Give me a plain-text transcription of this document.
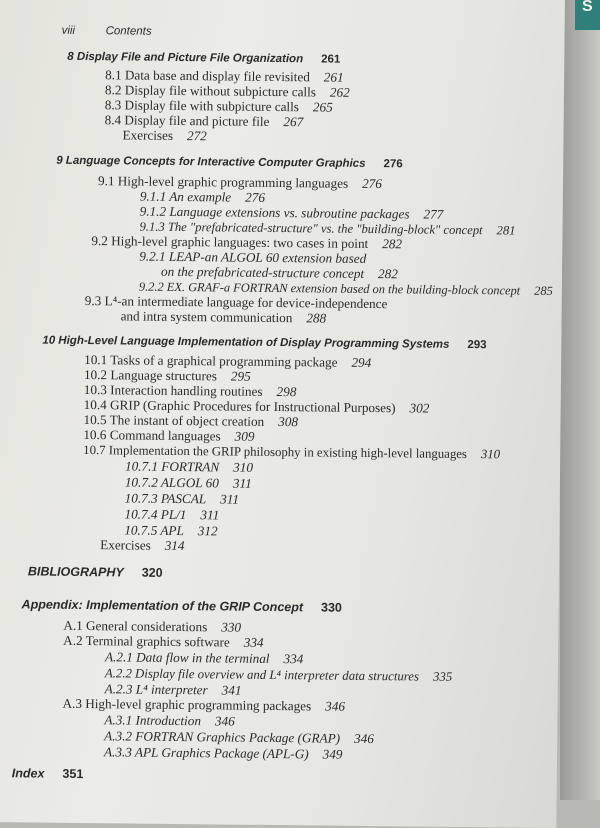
S
viii	Contents
8 Display File and Picture File Organization 261
8.1 Data base and display file revisited 261
8.2 Display file without subpicture calls 262
8.3 Display file with subpicture calls 265
8.4 Display file and picture file 267
Exercises 272
9 Language Concepts for Interactive Computer Graphics 276
9.1 High-level graphic programming languages 276
9.1.1 An example 276
9.1.2 Language extensions vs. subroutine packages 277
9.1.3 The "prefabricated-structure" vs. the "building-block" concept 281
9.2 High-level graphic languages: two cases in point 282
9.2.1 LEAP-an ALGOL 60 extension based
on the prefabricated-structure concept 282
9.2.2 EX. GRAF-a FORTRAN extension based on the building-block concept 285
9.3 L⁴-an intermediate language for device-independence
and intra system communication 288
10 High-Level Language Implementation of Display Programming Systems 293
10.1 Tasks of a graphical programming package 294
10.2 Language structures 295
10.3 Interaction handling routines 298
10.4 GRIP (Graphic Procedures for Instructional Purposes) 302
10.5 The instant of object creation 308
10.6 Command languages 309
10.7 Implementation the GRIP philosophy in existing high-level languages 310
10.7.1 FORTRAN 310
10.7.2 ALGOL 60 311
10.7.3 PASCAL 311
10.7.4 PL/1 311
10.7.5 APL 312
Exercises 314
BIBLIOGRAPHY 320
Appendix: Implementation of the GRIP Concept 330
A.1 General considerations 330
A.2 Terminal graphics software 334
A.2.1 Data flow in the terminal 334
A.2.2 Display file overview and L⁴ interpreter data structures 335
A.2.3 L⁴ interpreter 341
A.3 High-level graphic programming packages 346
A.3.1 Introduction 346
A.3.2 FORTRAN Graphics Package (GRAP) 346
A.3.3 APL Graphics Package (APL-G) 349
Index 351
